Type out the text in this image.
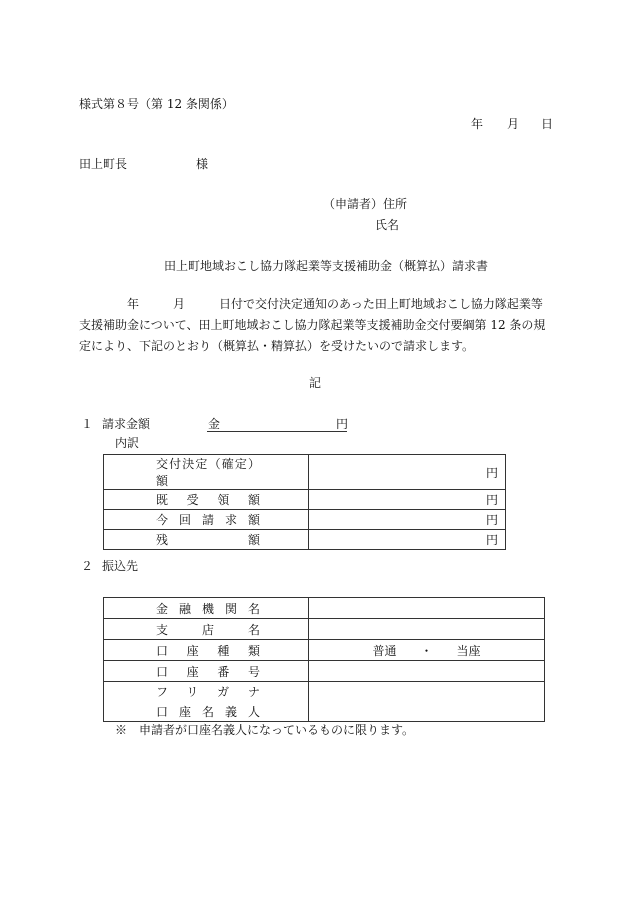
様式第８号（第 12 条関係）
年 月 日
田上町長	様
（申請者）住所
氏名
田上町地域おこし協力隊起業等支援補助金（概算払）請求書
年	月	日付で交付決定通知のあった田上町地域おこし協力隊起業等支援補助金について、田上町地域おこし協力隊起業等支援補助金交付要綱第 12 条の規定により、下記のとおり（概算払・精算払）を受けたいので請求します。
記
１ 請求金額	金	円
内訳
交付決定（確定）額	円
既受領額	円
今回請求額	円
残額	円
２ 振込先
金融機関名	
支店名	
口座種類	普通　　・　　当座
口座番号	
フリガナ	
口座名義人	
※　申請者が口座名義人になっているものに限ります。
